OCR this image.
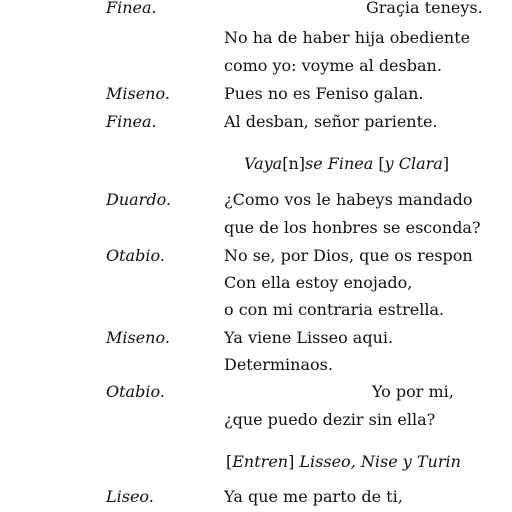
Finea.	Graçia teneys.
No ha de haber hija obediente
como yo: voyme al desban.
Miseno.	Pues no es Feniso galan.
Finea.	Al desban, señor pariente.
Vaya[n]se Finea [y Clara]
Duardo.	¿Como vos le habeys mandado
que de los honbres se esconda?
Otabio.	No se, por Dios, que os respon
Con ella estoy enojado,
o con mi contraria estrella.
Miseno.	Ya viene Lisseo aqui.
Determinaos.
Otabio.	Yo por mi,
¿que puedo dezir sin ella?
[Entren] Lisseo, Nise y Turin
Liseo.	Ya que me parto de ti,
